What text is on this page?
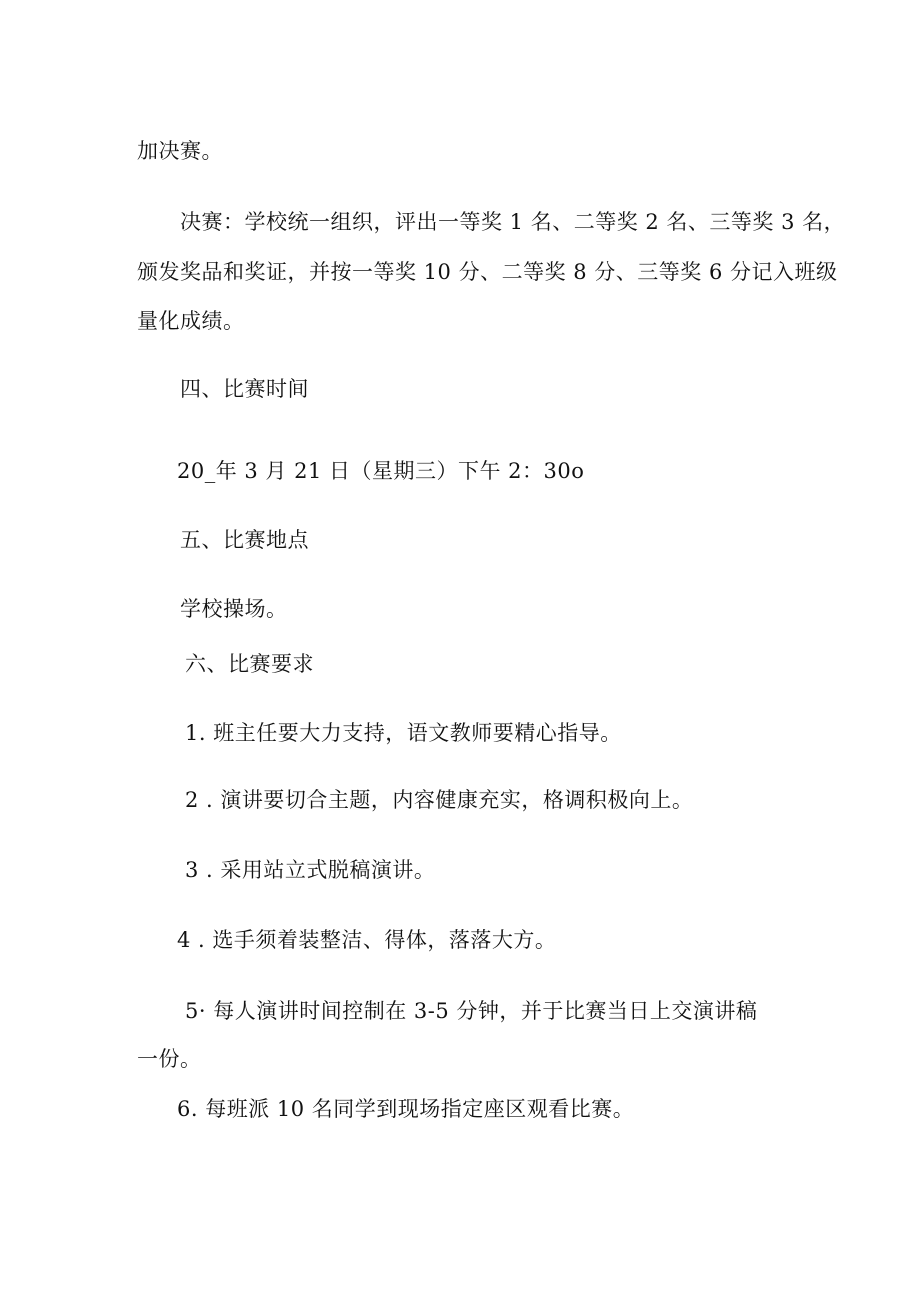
加决赛。
决赛：学校统一组织，评出一等奖 1 名、二等奖 2 名、三等奖 3 名，
颁发奖品和奖证，并按一等奖 10 分、二等奖 8 分、三等奖 6 分记入班级
量化成绩。
四、比赛时间
20_年 3 月 21 日（星期三）下午 2：30o
五、比赛地点
学校操场。
六、比赛要求
1. 班主任要大力支持，语文教师要精心指导。
2 . 演讲要切合主题，内容健康充实，格调积极向上。
3 . 采用站立式脱稿演讲。
4 . 选手须着装整洁、得体，落落大方。
5· 每人演讲时间控制在 3-5 分钟，并于比赛当日上交演讲稿
一份。
6. 每班派 10 名同学到现场指定座区观看比赛。
